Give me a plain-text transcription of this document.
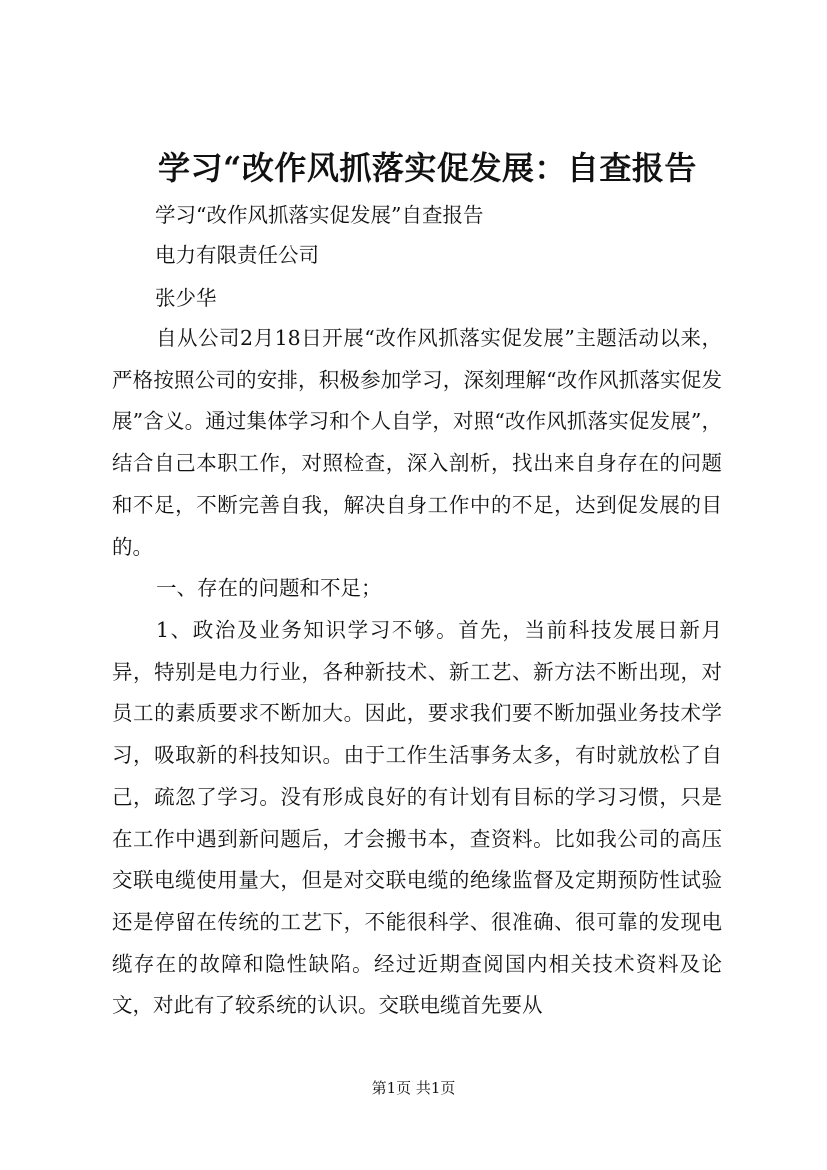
学习“改作风抓落实促发展：自查报告
学习“改作风抓落实促发展”自查报告
电力有限责任公司
张少华

自从公司2月18日开展“改作风抓落实促发展”主题活动以来，严格按照公司的安排，积极参加学习，深刻理解“改作风抓落实促发展”含义。通过集体学习和个人自学，对照“改作风抓落实促发展”，结合自己本职工作，对照检查，深入剖析，找出来自身存在的问题和不足，不断完善自我，解决自身工作中的不足，达到促发展的目的。

一、存在的问题和不足；

1、政治及业务知识学习不够。首先，当前科技发展日新月异，特别是电力行业，各种新技术、新工艺、新方法不断出现，对员工的素质要求不断加大。因此，要求我们要不断加强业务技术学习，吸取新的科技知识。由于工作生活事务太多，有时就放松了自己，疏忽了学习。没有形成良好的有计划有目标的学习习惯，只是在工作中遇到新问题后，才会搬书本，查资料。比如我公司的高压交联电缆使用量大，但是对交联电缆的绝缘监督及定期预防性试验还是停留在传统的工艺下，不能很科学、很准确、很可靠的发现电缆存在的故障和隐性缺陷。经过近期查阅国内相关技术资料及论文，对此有了较系统的认识。交联电缆首先要从

第1页 共1页
